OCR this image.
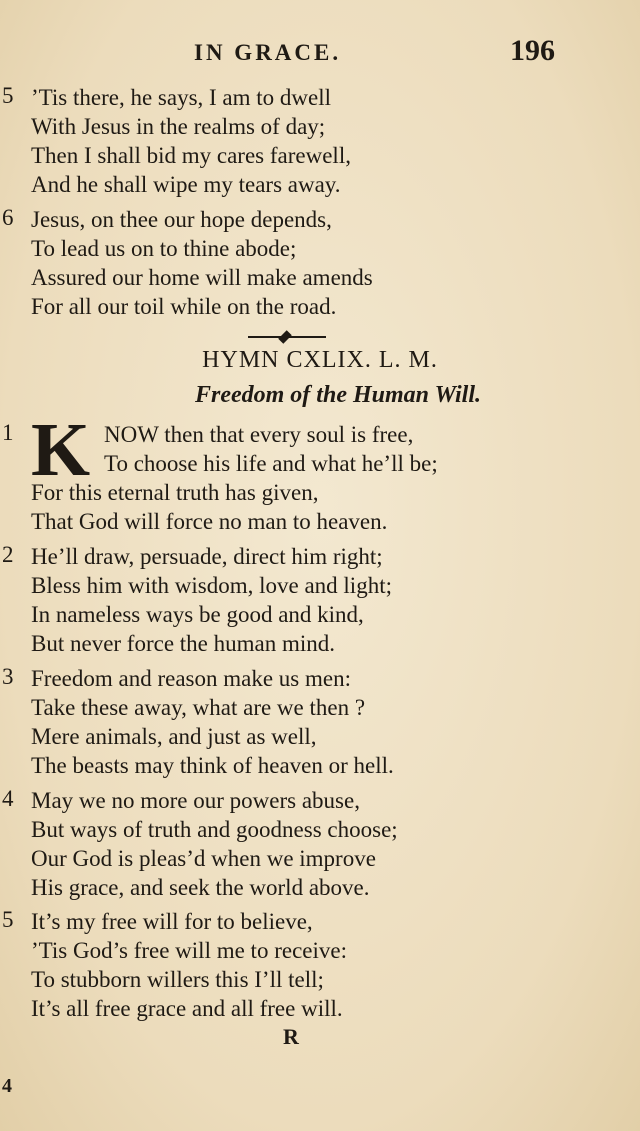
IN GRACE.	196
5 ’Tis there, he says, I am to dwell
With Jesus in the realms of day;
Then I shall bid my cares farewell,
And he shall wipe my tears away.
6 Jesus, on thee our hope depends,
To lead us on to thine abode;
Assured our home will make amends
For all our toil while on the road.
HYMN CXLIX. L. M.
Freedom of the Human Will.
1	NOW then that every soul is free,
To choose his life and what he’ll be;
For this eternal truth has given,
That God will force no man to heaven.
K
2 He’ll draw, persuade, direct him right;
Bless him with wisdom, love and light;
In nameless ways be good and kind,
But never force the human mind.
3 Freedom and reason make us men:
Take these away, what are we then ?
Mere animals, and just as well,
The beasts may think of heaven or hell.
4 May we no more our powers abuse,
But ways of truth and goodness choose;
Our God is pleas’d when we improve
His grace, and seek the world above.
5 It’s my free will for to believe,
’Tis God’s free will me to receive:
To stubborn willers this I’ll tell;
It’s all free grace and all free will.
R
4
